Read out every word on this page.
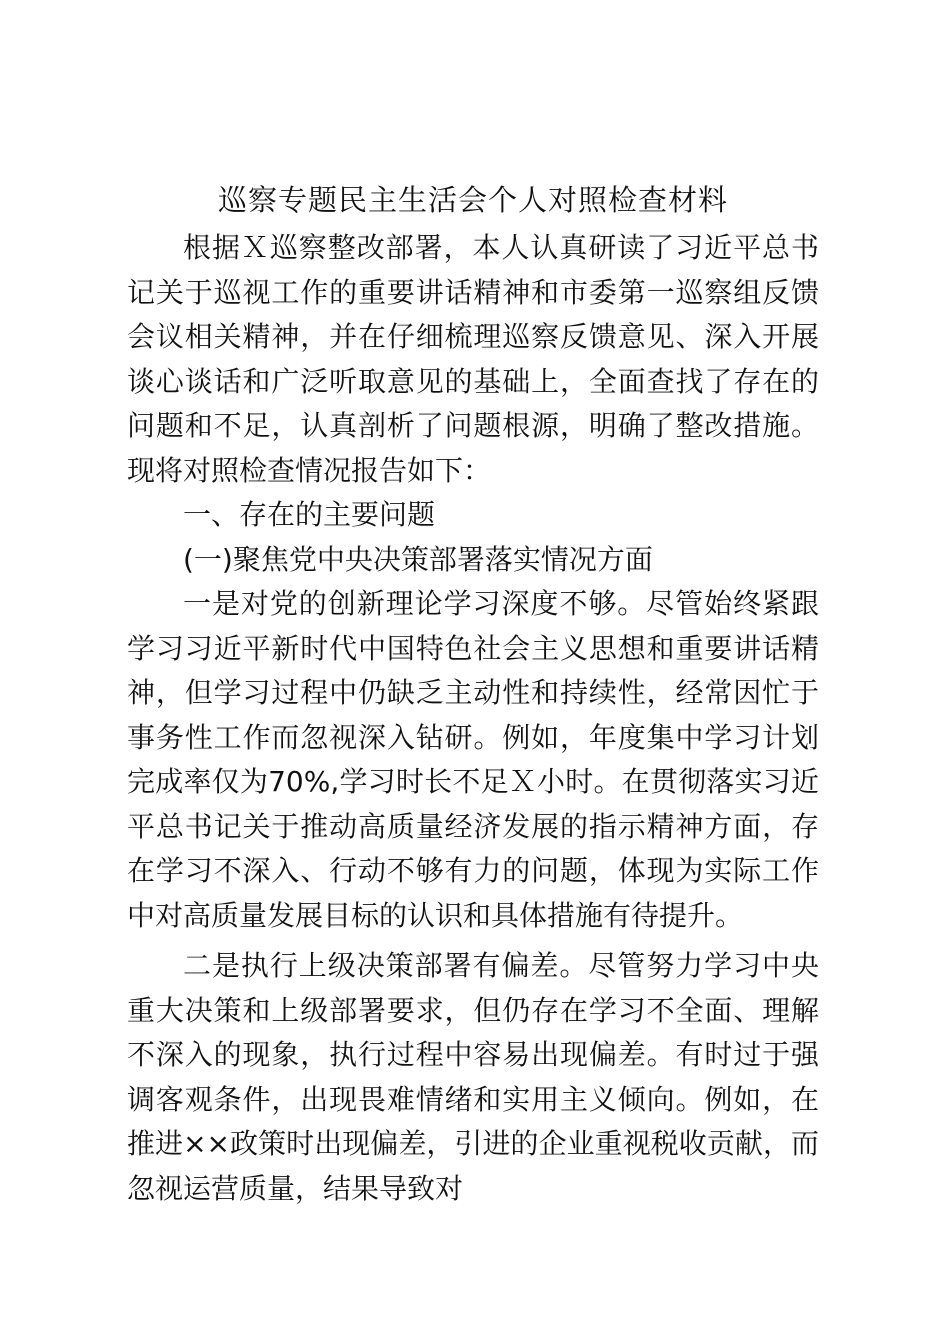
巡察专题民主生活会个人对照检查材料

根据Ｘ巡察整改部署，本人认真研读了习近平总书记关于巡视工作的重要讲话精神和市委第一巡察组反馈会议相关精神，并在仔细梳理巡察反馈意见、深入开展谈心谈话和广泛听取意见的基础上，全面查找了存在的问题和不足，认真剖析了问题根源，明确了整改措施。现将对照检查情况报告如下：

一、存在的主要问题

(一)聚焦党中央决策部署落实情况方面

一是对党的创新理论学习深度不够。尽管始终紧跟学习习近平新时代中国特色社会主义思想和重要讲话精神，但学习过程中仍缺乏主动性和持续性，经常因忙于事务性工作而忽视深入钻研。例如，年度集中学习计划完成率仅为70%,学习时长不足Ｘ小时。在贯彻落实习近平总书记关于推动高质量经济发展的指示精神方面，存在学习不深入、行动不够有力的问题，体现为实际工作中对高质量发展目标的认识和具体措施有待提升。

二是执行上级决策部署有偏差。尽管努力学习中央重大决策和上级部署要求，但仍存在学习不全面、理解不深入的现象，执行过程中容易出现偏差。有时过于强调客观条件，出现畏难情绪和实用主义倾向。例如，在推进××政策时出现偏差，引进的企业重视税收贡献，而忽视运营质量，结果导致对
